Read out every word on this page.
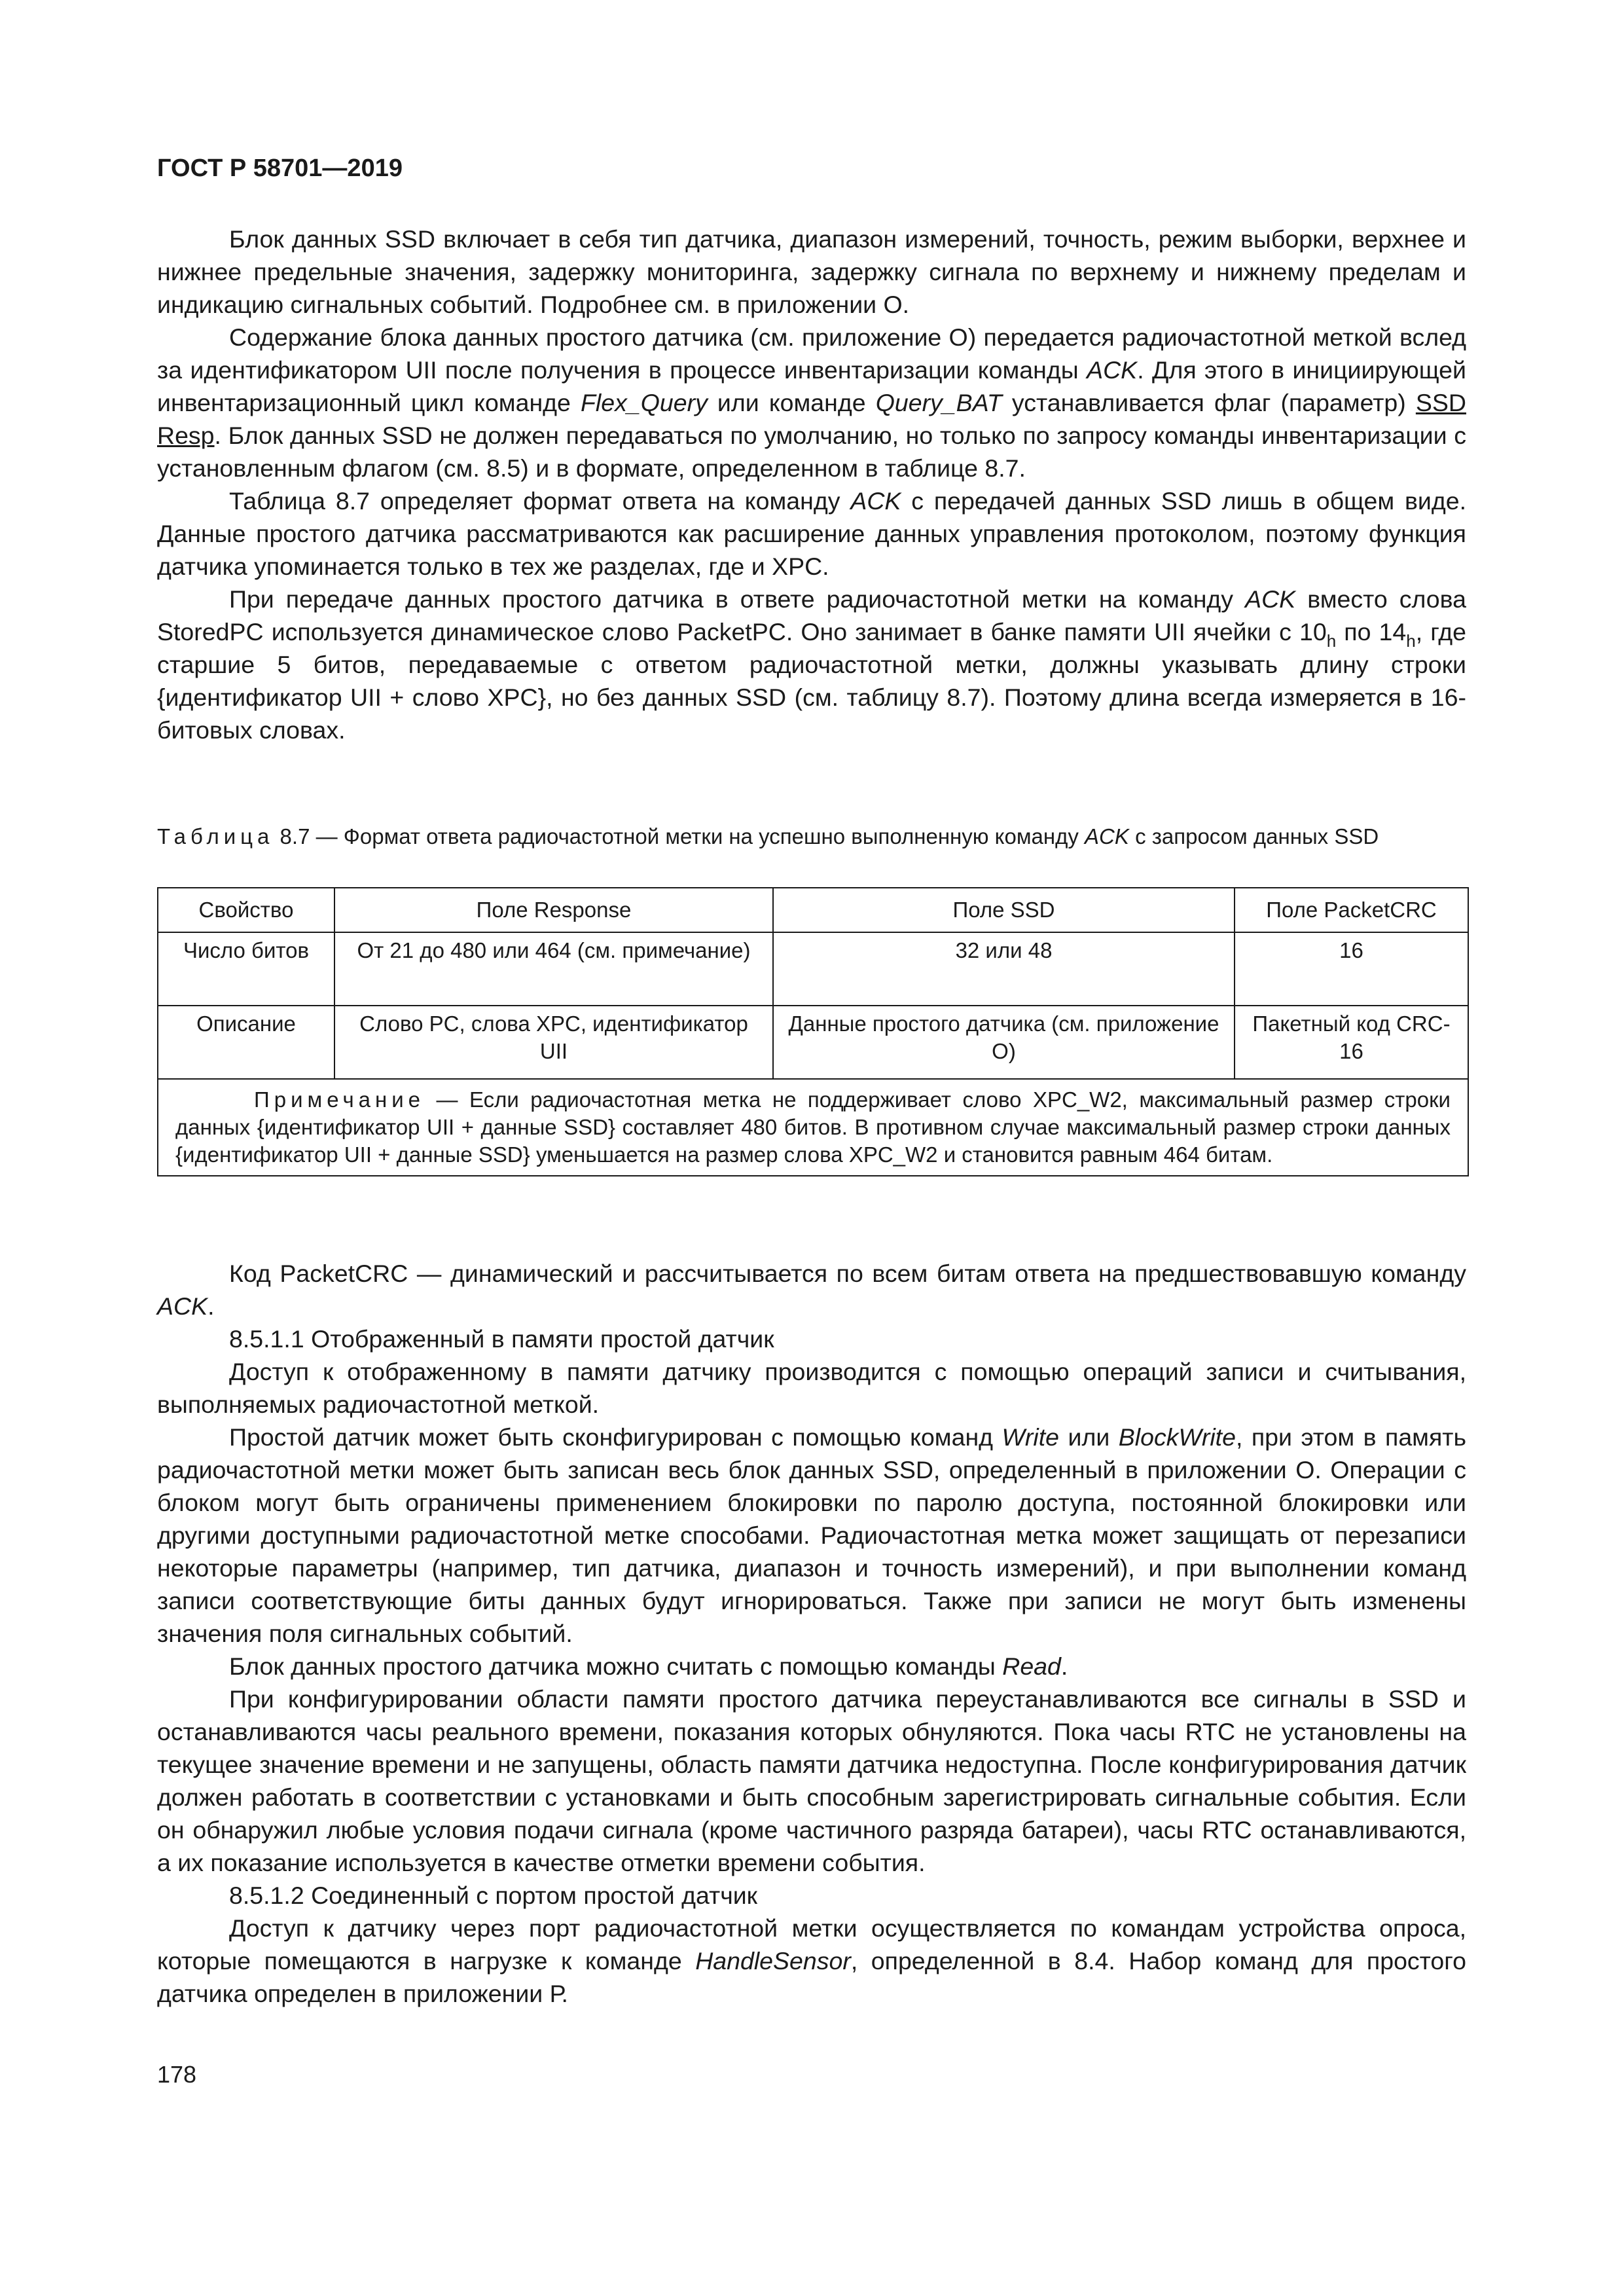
ГОСТ Р 58701—2019

Блок данных SSD включает в себя тип датчика, диапазон измерений, точность, режим выборки, верхнее и нижнее предельные значения, задержку мониторинга, задержку сигнала по верхнему и нижнему пределам и индикацию сигнальных событий. Подробнее см. в приложении О.

Содержание блока данных простого датчика (см. приложение О) передается радиочастотной меткой вслед за идентификатором UII после получения в процессе инвентаризации команды ACK. Для этого в инициирующей инвентаризационный цикл команде Flex_Query или команде Query_BAT устанавливается флаг (параметр) SSD Resp. Блок данных SSD не должен передаваться по умолчанию, но только по запросу команды инвентаризации с установленным флагом (см. 8.5) и в формате, определенном в таблице 8.7.

Таблица 8.7 определяет формат ответа на команду ACK с передачей данных SSD лишь в общем виде. Данные простого датчика рассматриваются как расширение данных управления протоколом, поэтому функция датчика упоминается только в тех же разделах, где и XPC.

При передаче данных простого датчика в ответе радиочастотной метки на команду ACK вместо слова StoredPC используется динамическое слово PacketPC. Оно занимает в банке памяти UII ячейки с $10_h$ по $14_h$, где старшие 5 битов, передаваемые с ответом радиочастотной метки, должны указывать длину строки {идентификатор UII + слово XPC}, но без данных SSD (см. таблицу 8.7). Поэтому длина всегда измеряется в 16-битовых словах.

Таблица 8.7 — Формат ответа радиочастотной метки на успешно выполненную команду ACK с запросом данных SSD
Свойство	Поле Response	Поле SSD	Поле PacketCRC
Число битов	От 21 до 480 или 464 (см. примечание)	32 или 48	16
Описание	Слово PC, слова XPC, идентификатор UII	Данные простого датчика (см. приложение О)	Пакетный код CRC-16
Примечание — Если радиочастотная метка не поддерживает слово XPC_W2, максимальный размер строки данных {идентификатор UII + данные SSD} составляет 480 битов. В противном случае максимальный размер строки данных {идентификатор UII + данные SSD} уменьшается на размер слова XPC_W2 и становится равным 464 битам.			

Код PacketCRC — динамический и рассчитывается по всем битам ответа на предшествовавшую команду ACK.

8.5.1.1 Отображенный в памяти простой датчик

Доступ к отображенному в памяти датчику производится с помощью операций записи и считывания, выполняемых радиочастотной меткой.

Простой датчик может быть сконфигурирован с помощью команд Write или BlockWrite, при этом в память радиочастотной метки может быть записан весь блок данных SSD, определенный в приложении О. Операции с блоком могут быть ограничены применением блокировки по паролю доступа, постоянной блокировки или другими доступными радиочастотной метке способами. Радиочастотная метка может защищать от перезаписи некоторые параметры (например, тип датчика, диапазон и точность измерений), и при выполнении команд записи соответствующие биты данных будут игнорироваться. Также при записи не могут быть изменены значения поля сигнальных событий.

Блок данных простого датчика можно считать с помощью команды Read.

При конфигурировании области памяти простого датчика переустанавливаются все сигналы в SSD и останавливаются часы реального времени, показания которых обнуляются. Пока часы RTC не установлены на текущее значение времени и не запущены, область памяти датчика недоступна. После конфигурирования датчик должен работать в соответствии с установками и быть способным зарегистрировать сигнальные события. Если он обнаружил любые условия подачи сигнала (кроме частичного разряда батареи), часы RTC останавливаются, а их показание используется в качестве отметки времени события.

8.5.1.2 Соединенный с портом простой датчик

Доступ к датчику через порт радиочастотной метки осуществляется по командам устройства опроса, которые помещаются в нагрузке к команде HandleSensor, определенной в 8.4. Набор команд для простого датчика определен в приложении Р.

178
